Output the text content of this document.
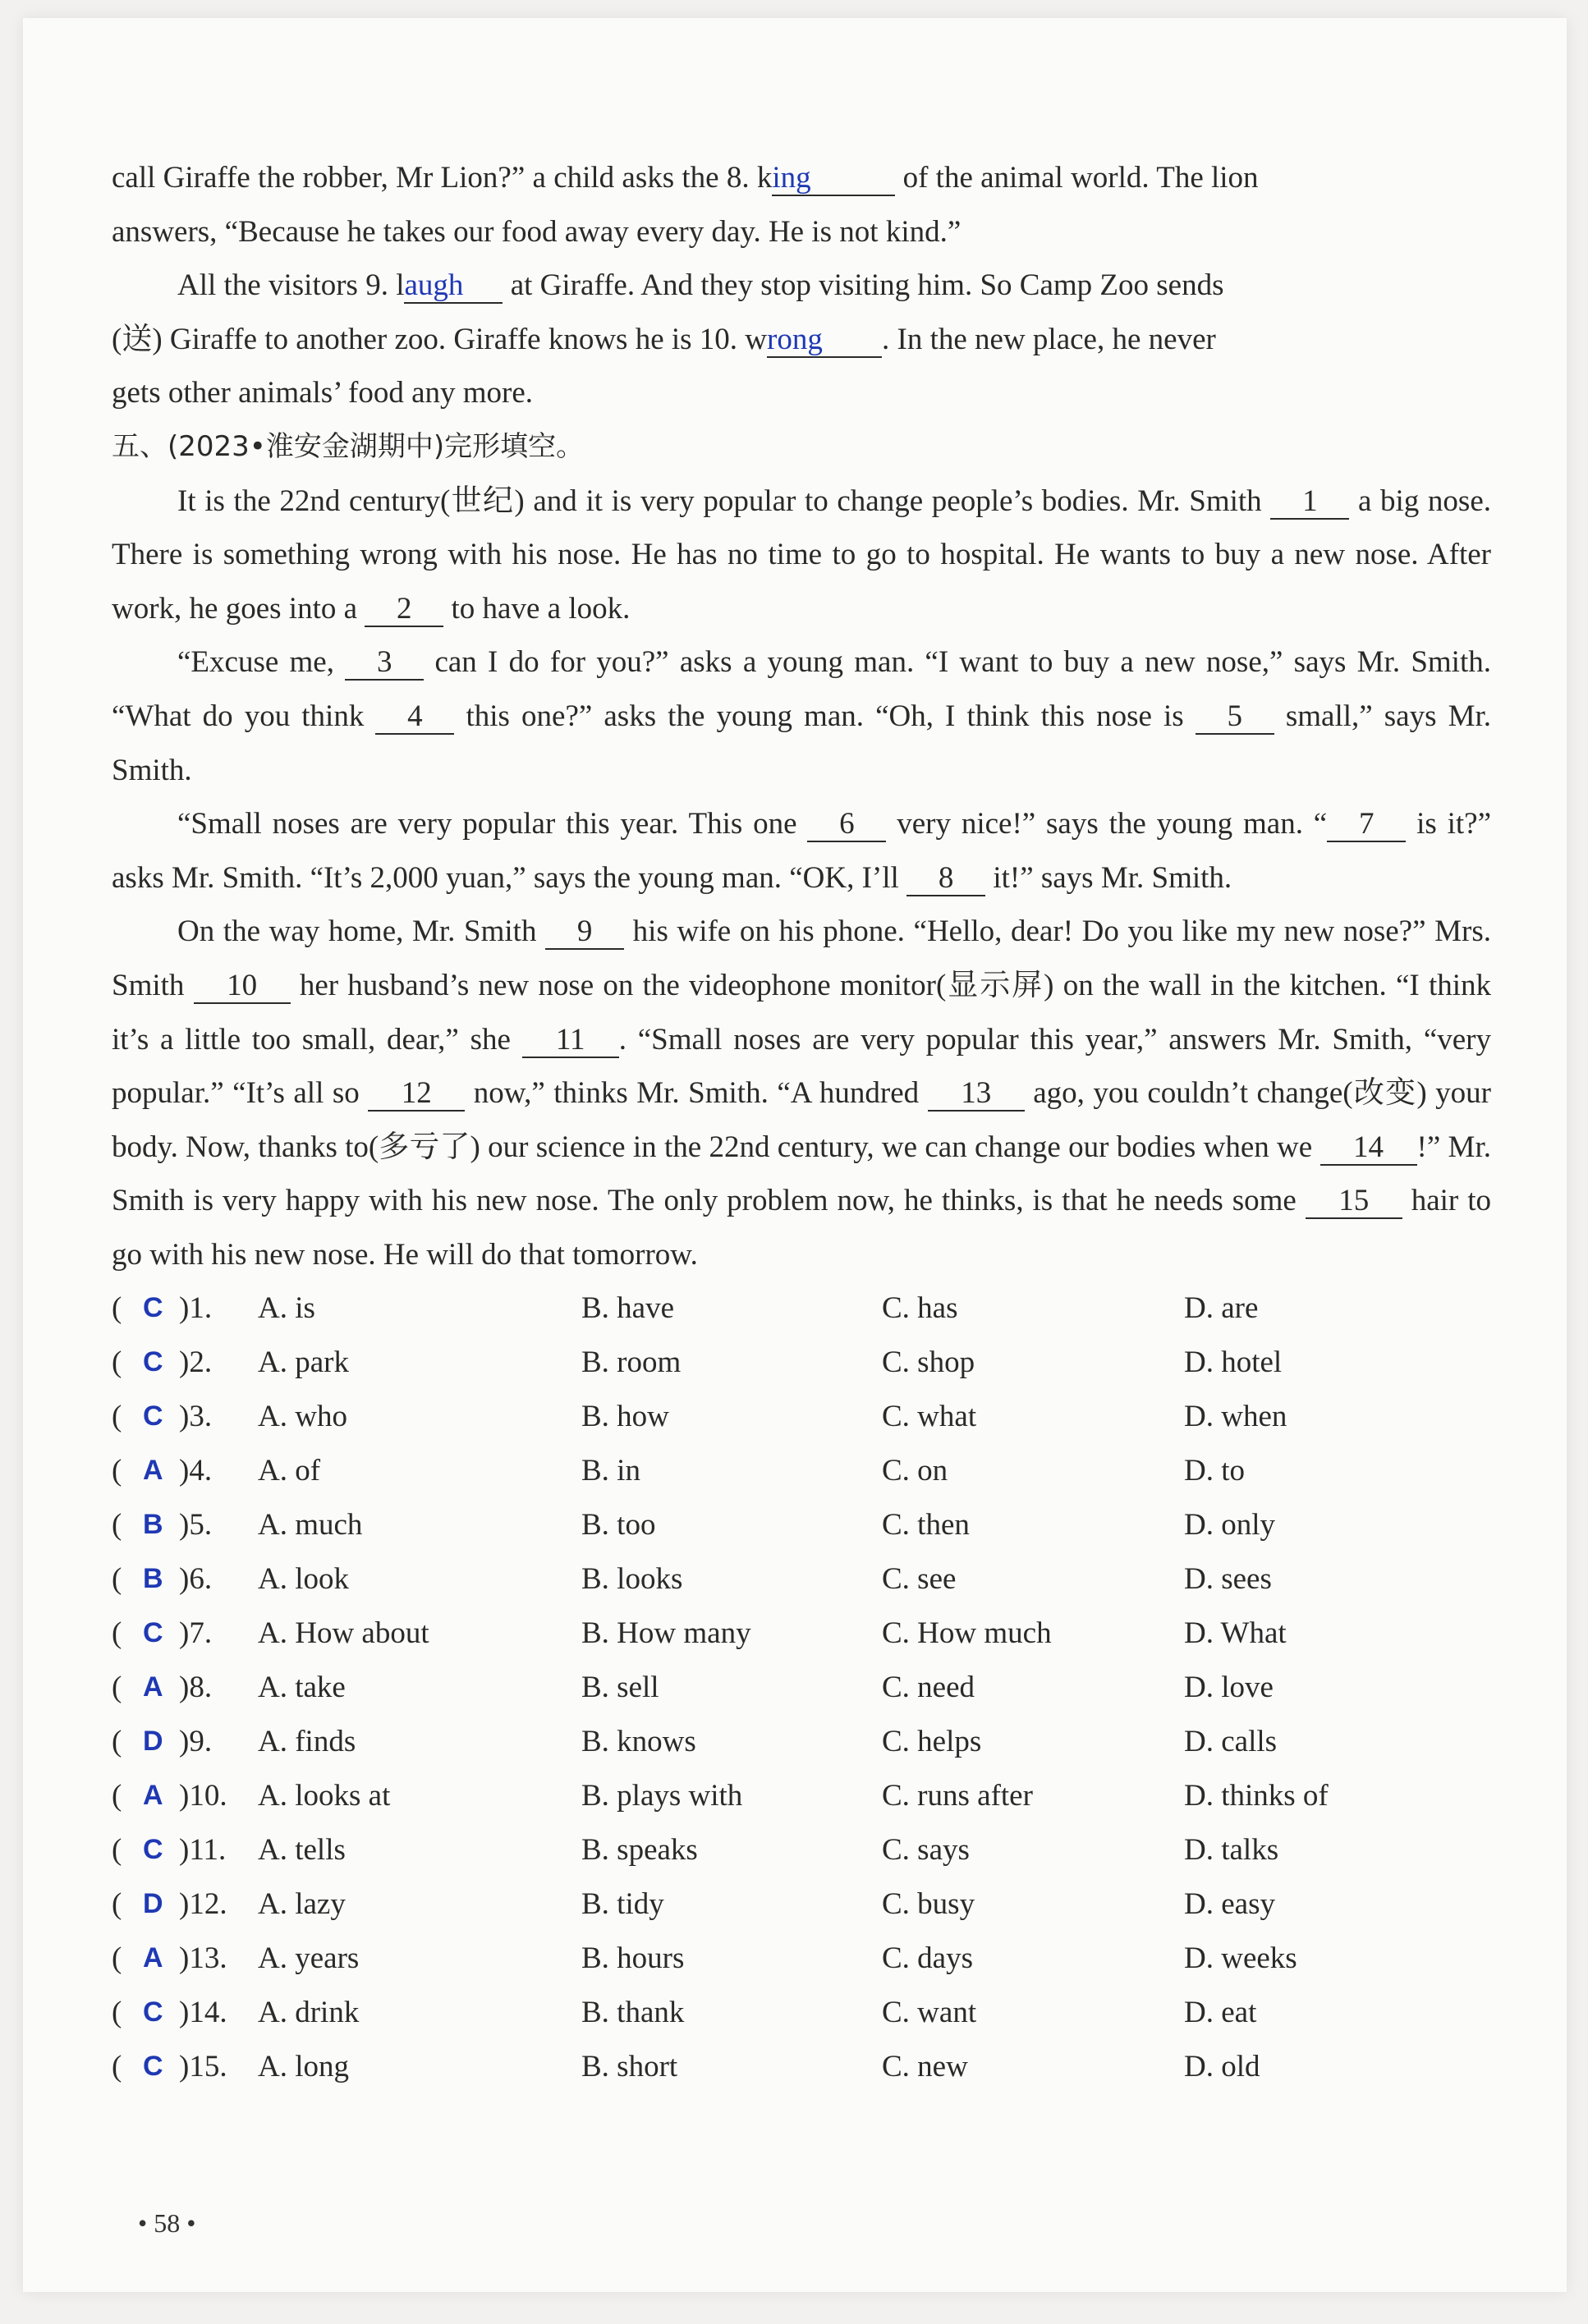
call Giraffe the robber, Mr Lion?” a child asks the 8. king	of the animal world. The lion

answers, “Because he takes our food away every day. He is not kind.”

All the visitors 9. laugh at Giraffe. And they stop visiting him. So Camp Zoo sends

(送) Giraffe to another zoo. Giraffe knows he is 10. wrong . In the new place, he never

gets other animals’ food any more.

五、(2023•淮安金湖期中)完形填空。

It is the 22nd century(世纪) and it is very popular to change people’s bodies. Mr. Smith 1 a big nose. There is something wrong with his nose. He has no time to go to hospital. He wants to buy a new nose. After work, he goes into a 2 to have a look.

“Excuse me, 3 can I do for you?” asks a young man. “I want to buy a new nose,” says Mr. Smith. “What do you think 4 this one?” asks the young man. “Oh, I think this nose is 5 small,” says Mr. Smith.

“Small noses are very popular this year. This one 6 very nice!” says the young man. “ 7 is it?” asks Mr. Smith. “It’s 2,000 yuan,” says the young man. “OK, I’ll 8 it!” says Mr. Smith.

On the way home, Mr. Smith 9 his wife on his phone. “Hello, dear! Do you like my new nose?” Mrs. Smith 10 her husband’s new nose on the videophone monitor(显示屏) on the wall in the kitchen. “I think it’s a little too small, dear,” she 11 . “Small noses are very popular this year,” answers Mr. Smith, “very popular.” “It’s all so 12 now,” thinks Mr. Smith. “A hundred 13 ago, you couldn’t change(改变) your body. Now, thanks to(多亏了) our science in the 22nd century, we can change our bodies when we 14 !” Mr. Smith is very happy with his new nose. The only problem now, he thinks, is that he needs some 15 hair to go with his new nose. He will do that tomorrow.

( C )1. A. is	B. have	C. has	D. are
( C )2. A. park	B. room	C. shop	D. hotel
( C )3. A. who	B. how	C. what	D. when
( A )4. A. of	B. in	C. on	D. to
( B )5. A. much	B. too	C. then	D. only
( B )6. A. look	B. looks	C. see	D. sees
( C )7. A. How about	B. How many	C. How much	D. What
( A )8. A. take	B. sell	C. need	D. love
( D )9. A. finds	B. knows	C. helps	D. calls
( A )10. A. looks at	B. plays with	C. runs after	D. thinks of
( C )11. A. tells	B. speaks	C. says	D. talks
( D )12. A. lazy	B. tidy	C. busy	D. easy
( A )13. A. years	B. hours	C. days	D. weeks
( C )14. A. drink	B. thank	C. want	D. eat
( C )15. A. long	B. short	C. new	D. old
• 58 •
